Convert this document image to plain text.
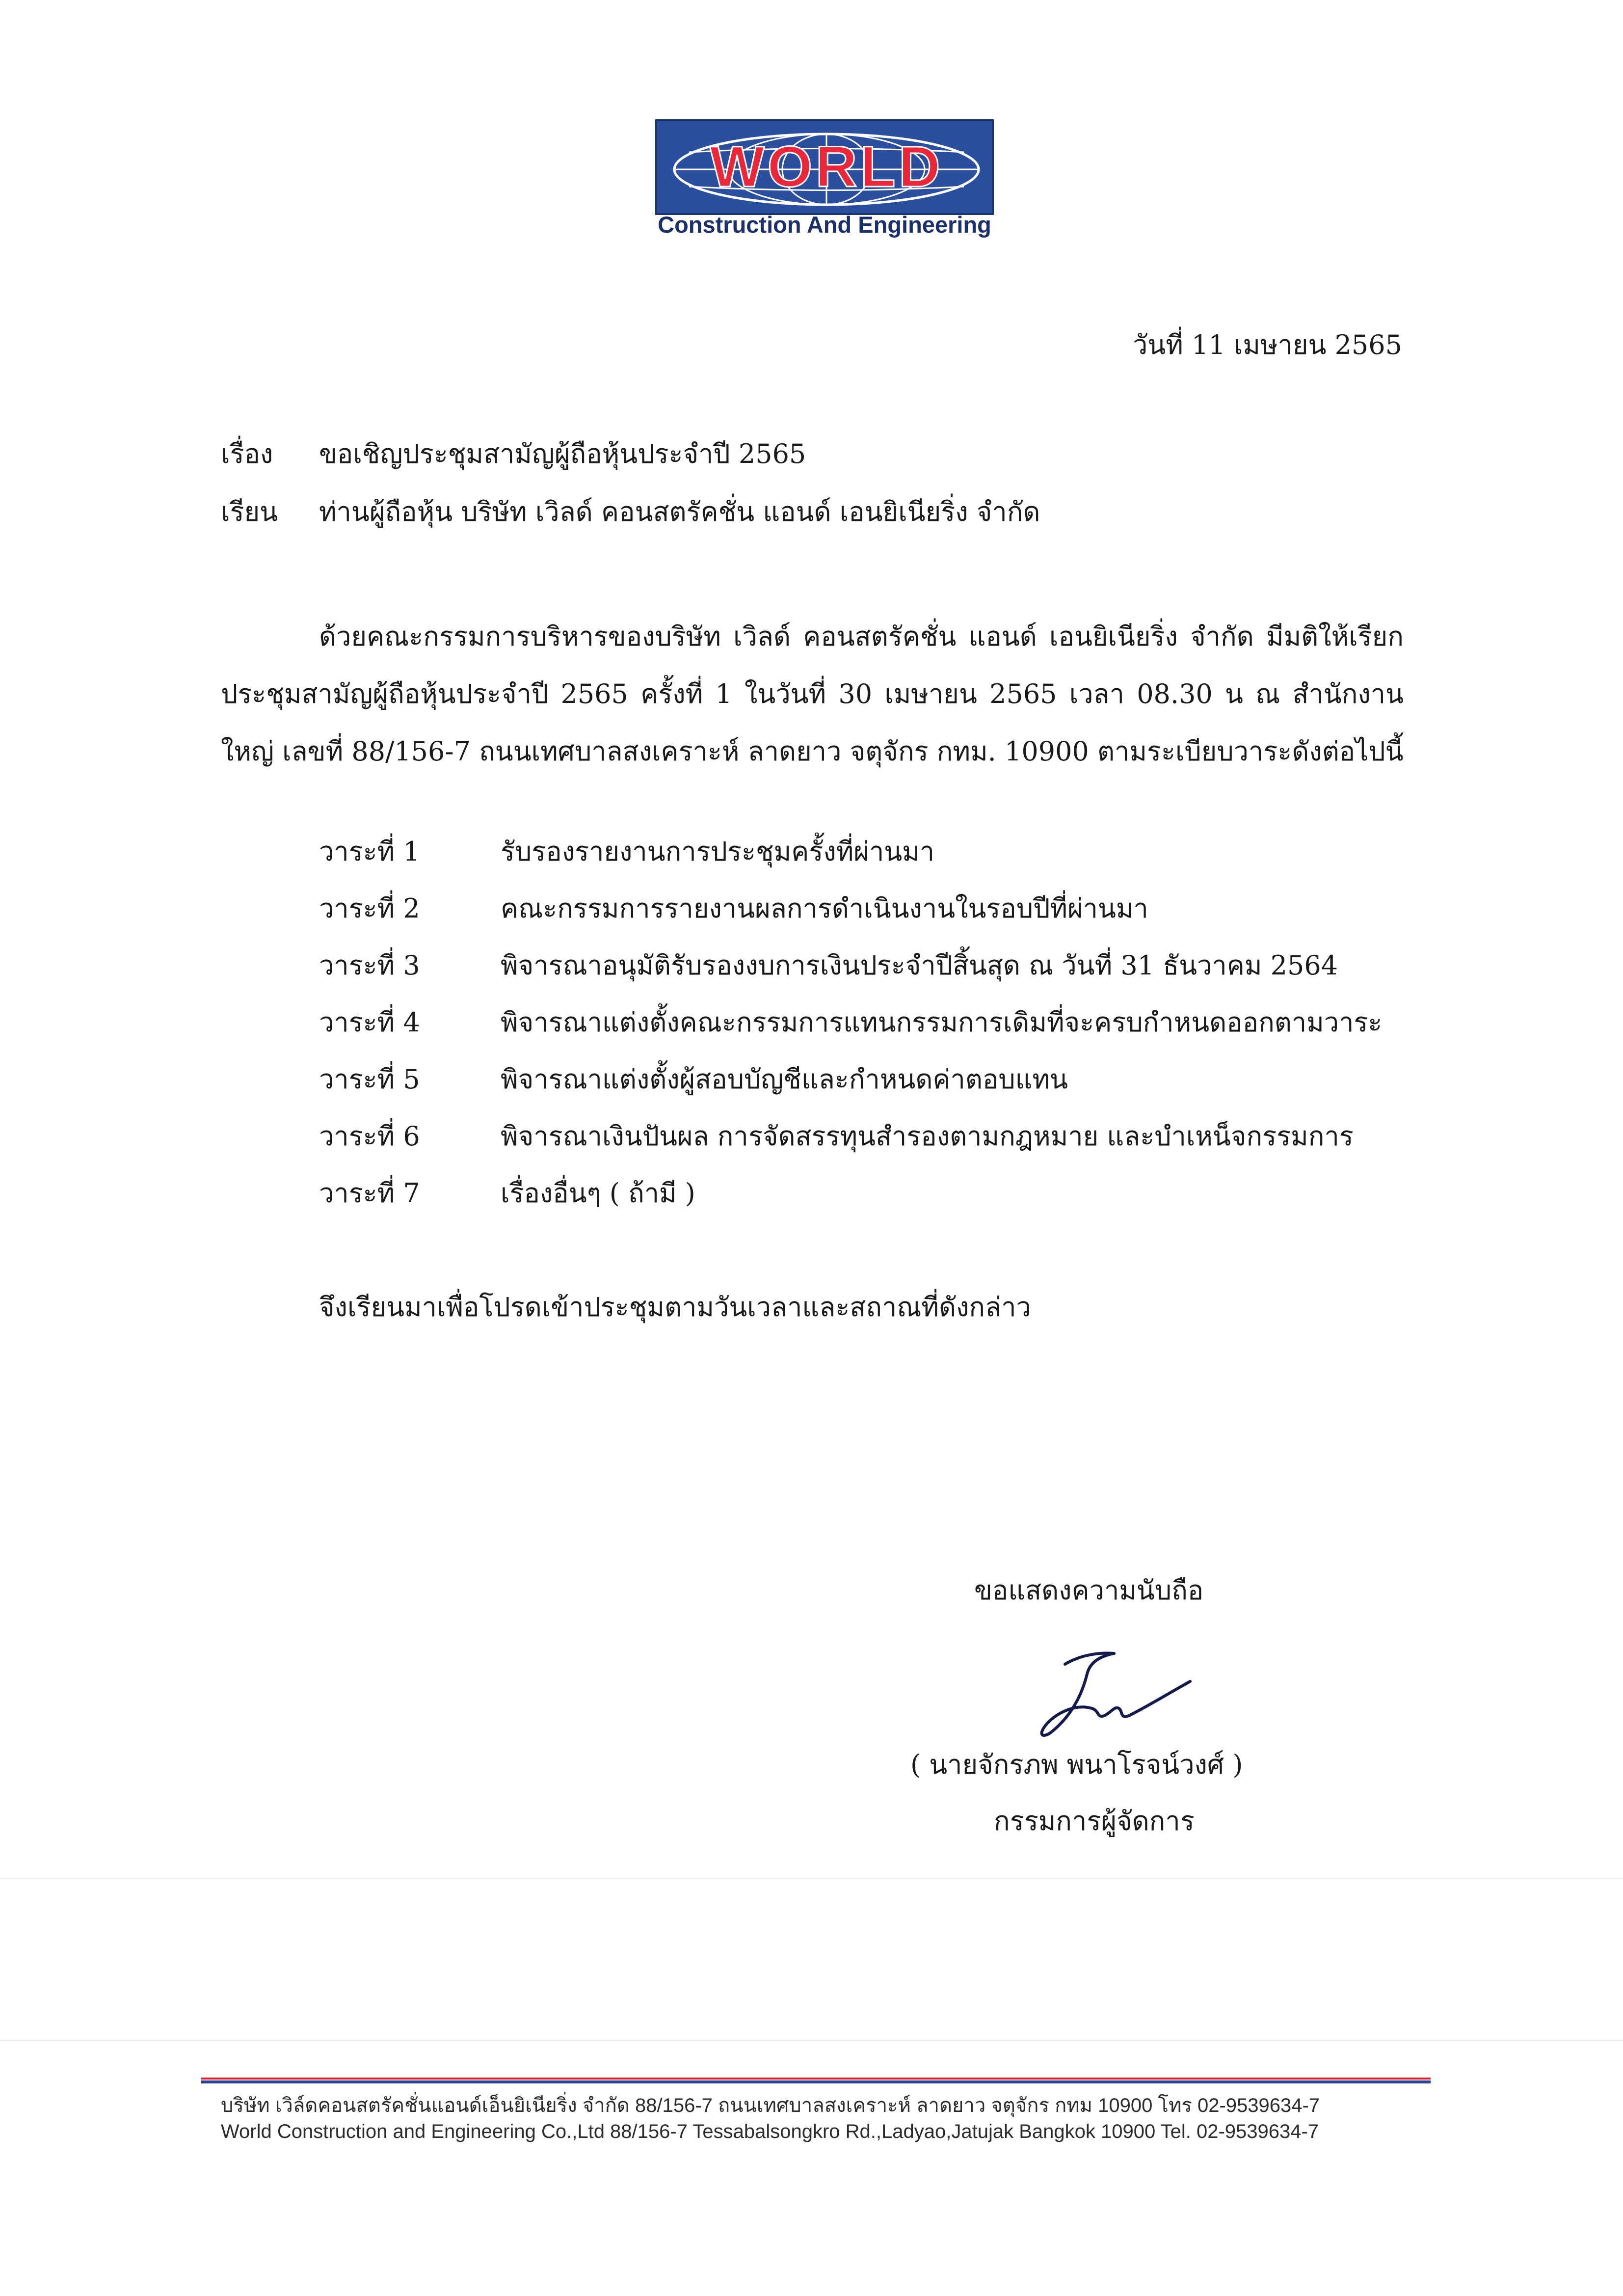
WORLD
Construction And Engineering
วันที่ 11 เมษายน 2565
เรื่อง ขอเชิญประชุมสามัญผู้ถือหุ้นประจำปี 2565
เรียน ท่านผู้ถือหุ้น บริษัท เวิลด์ คอนสตรัคชั่น แอนด์ เอนยิเนียริ่ง จำกัด
ด้วยคณะกรรมการบริหารของบริษัท เวิลด์ คอนสตรัคชั่น แอนด์ เอนยิเนียริ่ง จำกัด มีมติให้เรียกประชุมสามัญผู้ถือหุ้นประจำปี 2565 ครั้งที่ 1 ในวันที่ 30 เมษายน 2565 เวลา 08.30 น ณ สำนักงานใหญ่ เลขที่ 88/156-7 ถนนเทศบาลสงเคราะห์ ลาดยาว จตุจักร กทม. 10900 ตามระเบียบวาระดังต่อไปนี้
วาระที่ 1	รับรองรายงานการประชุมครั้งที่ผ่านมา
วาระที่ 2	คณะกรรมการรายงานผลการดำเนินงานในรอบปีที่ผ่านมา
วาระที่ 3	พิจารณาอนุมัติรับรองงบการเงินประจำปีสิ้นสุด ณ วันที่ 31 ธันวาคม 2564
วาระที่ 4	พิจารณาแต่งตั้งคณะกรรมการแทนกรรมการเดิมที่จะครบกำหนดออกตามวาระ
วาระที่ 5	พิจารณาแต่งตั้งผู้สอบบัญชีและกำหนดค่าตอบแทน
วาระที่ 6	พิจารณาเงินปันผล การจัดสรรทุนสำรองตามกฎหมาย และบำเหน็จกรรมการ
วาระที่ 7	เรื่องอื่นๆ ( ถ้ามี )
จึงเรียนมาเพื่อโปรดเข้าประชุมตามวันเวลาและสถาณที่ดังกล่าว
ขอแสดงความนับถือ
( นายจักรภพ พนาโรจน์วงศ์ )
กรรมการผู้จัดการ
บริษัท เวิล์ดคอนสตรัคชั่นแอนด์เอ็นยิเนียริ่ง จำกัด 88/156-7 ถนนเทศบาลสงเคราะห์ ลาดยาว จตุจักร กทม 10900 โทร 02-9539634-7
World Construction and Engineering Co.,Ltd 88/156-7 Tessabalsongkro Rd.,Ladyao,Jatujak Bangkok 10900 Tel. 02-9539634-7
